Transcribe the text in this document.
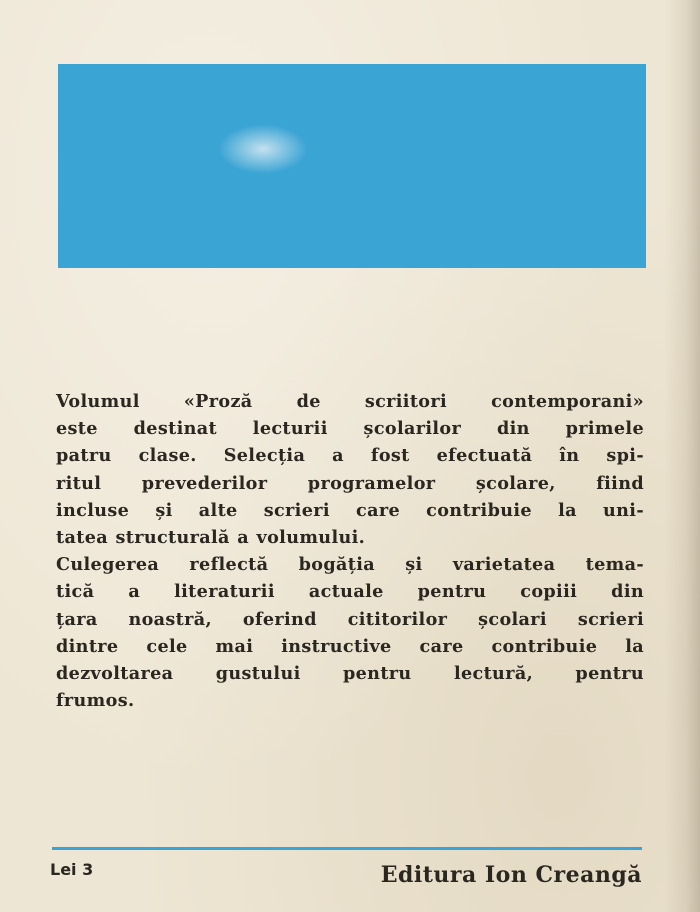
Volumul «Proză de scriitori contemporani»
este destinat lecturii școlarilor din primele
patru clase. Selecția a fost efectuată în spi-
ritul prevederilor programelor școlare, fiind
incluse și alte scrieri care contribuie la uni-
tatea structurală a volumului.
Culegerea reflectă bogăția și varietatea tema-
tică a literaturii actuale pentru copiii din
țara noastră, oferind cititorilor școlari scrieri
dintre cele mai instructive care contribuie la
dezvoltarea gustului pentru lectură, pentru
frumos.
Lei 3	Editura Ion Creangă
